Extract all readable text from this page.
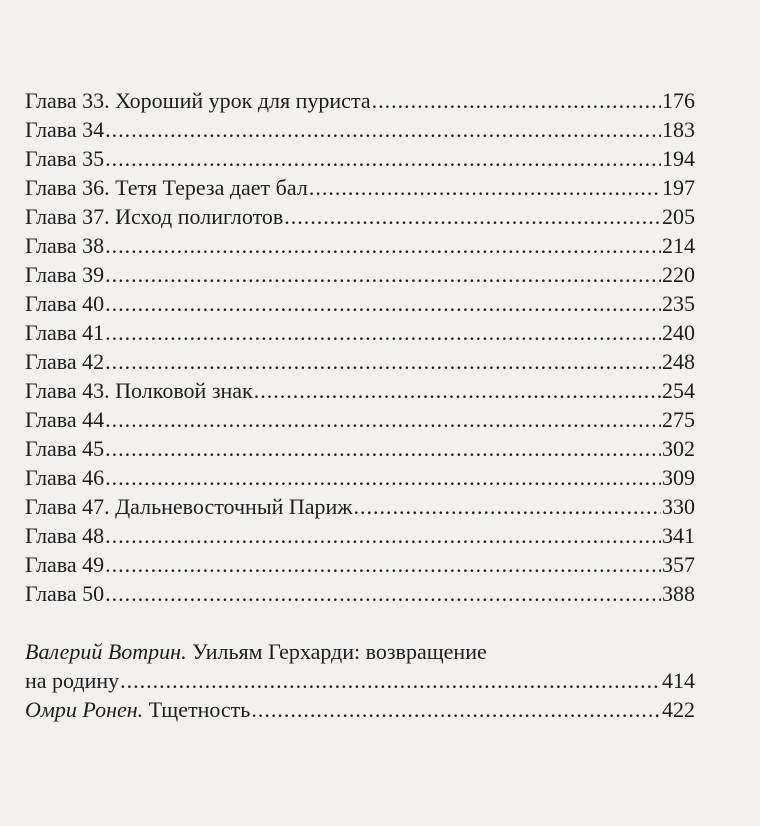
Глава 33. Хороший урок для пуриста .....	176
Глава 34 .....	183
Глава 35 .....	194
Глава 36. Тетя Тереза дает бал .....	197
Глава 37. Исход полиглотов .....	205
Глава 38 .....	214
Глава 39 .....	220
Глава 40 .....	235
Глава 41 .....	240
Глава 42 .....	248
Глава 43. Полковой знак .....	254
Глава 44 .....	275
Глава 45 .....	302
Глава 46 .....	309
Глава 47. Дальневосточный Париж .....	330
Глава 48 .....	341
Глава 49 .....	357
Глава 50 .....	388
Валерий Вотрин. Уильям Герхарди: возвращение
на родину .....	414
Омри Ронен. Тщетность .....	422
